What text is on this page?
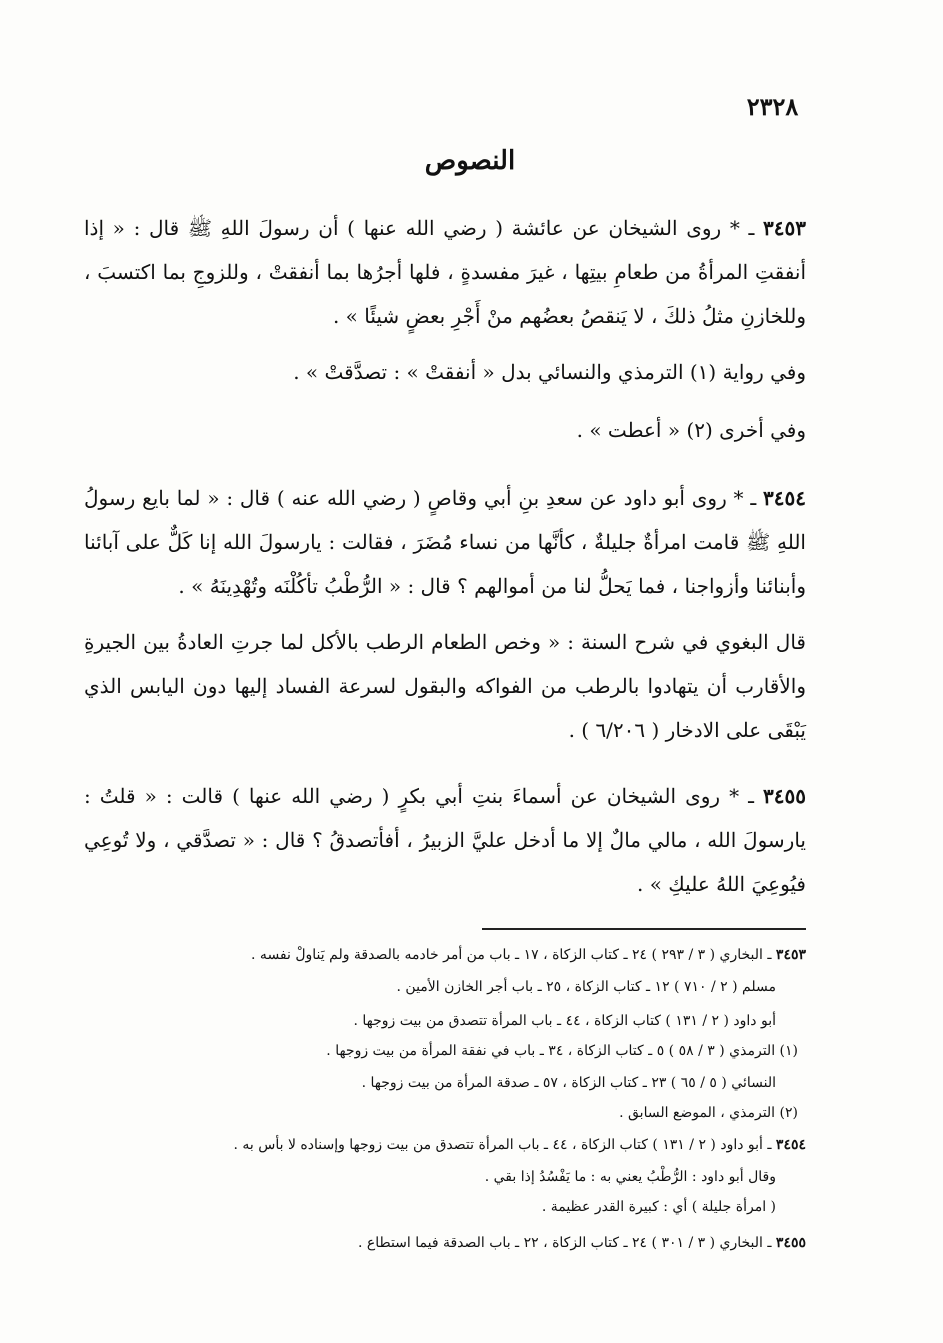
٢٣٢٨
النصوص
٣٤٥٣ ـ * روى الشيخان عن عائشة ( رضي الله عنها ) أن رسولَ اللهِ ﷺ قال : « إذا أنفقتِ المرأةُ من طعامِ بيتِها ، غيرَ مفسدةٍ ، فلها أجرُها بما أنفقتْ ، وللزوجِ بما اكتسبَ ، وللخازنِ مثلُ ذلكَ ، لا يَنقصُ بعضُهم منْ أَجْرِ بعضٍ شيئًا » .
وفي رواية (١) الترمذي والنسائي بدل « أنفقتْ » : تصدَّقتْ » .
وفي أخرى (٢) « أعطت » .
٣٤٥٤ ـ * روى أبو داود عن سعدِ بنِ أبي وقاصٍ ( رضي الله عنه ) قال : « لما بايع رسولُ اللهِ ﷺ قامت امرأةٌ جليلةٌ ، كأنَّها من نساء مُضَرَ ، فقالت : يارسولَ الله إنا كَلٌّ على آبائنا وأبنائنا وأزواجنا ، فما يَحلُّ لنا من أموالهم ؟ قال : « الرُّطْبُ تأكُلْنَه وتُهْدِينَهُ » .
قال البغوي في شرح السنة : « وخص الطعام الرطب بالأكل لما جرتِ العادةُ بين الجيرةِ والأقارب أن يتهادوا بالرطب من الفواكه والبقول لسرعة الفساد إليها دون اليابس الذي يَبْقَى على الادخار ( ٦/٢٠٦ ) .
٣٤٥٥ ـ * روى الشيخان عن أسماءَ بنتِ أبي بكرٍ ( رضي الله عنها ) قالت : « قلتُ : يارسولَ الله ، مالي مالٌ إلا ما أدخل عليَّ الزبيرُ ، أفأتصدقُ ؟ قال : « تصدَّقي ، ولا تُوعِي فيُوعِيَ اللهُ عليكِ » .
٣٤٥٣ ـ البخاري ( ٣ / ٢٩٣ ) ٢٤ ـ كتاب الزكاة ، ١٧ ـ باب من أمر خادمه بالصدقة ولم يَناولْ نفسه .
مسلم ( ٢ / ٧١٠ ) ١٢ ـ كتاب الزكاة ، ٢٥ ـ باب أجر الخازن الأمين .
أبو داود ( ٢ / ١٣١ ) كتاب الزكاة ، ٤٤ ـ باب المرأة تتصدق من بيت زوجها .
(١) الترمذي ( ٣ / ٥٨ ) ٥ ـ كتاب الزكاة ، ٣٤ ـ باب في نفقة المرأة من بيت زوجها .
النسائي ( ٥ / ٦٥ ) ٢٣ ـ كتاب الزكاة ، ٥٧ ـ صدقة المرأة من بيت زوجها .
(٢) الترمذي ، الموضع السابق .
٣٤٥٤ ـ أبو داود ( ٢ / ١٣١ ) كتاب الزكاة ، ٤٤ ـ باب المرأة تتصدق من بيت زوجها وإسناده لا بأس به .
وقال أبو داود : الرُّطْبُ يعني به : ما يَفْسُدُ إذا بقي .
( امرأة جليلة ) أي : كبيرة القدر عظيمة .
٣٤٥٥ ـ البخاري ( ٣ / ٣٠١ ) ٢٤ ـ كتاب الزكاة ، ٢٢ ـ باب الصدقة فيما استطاع .
